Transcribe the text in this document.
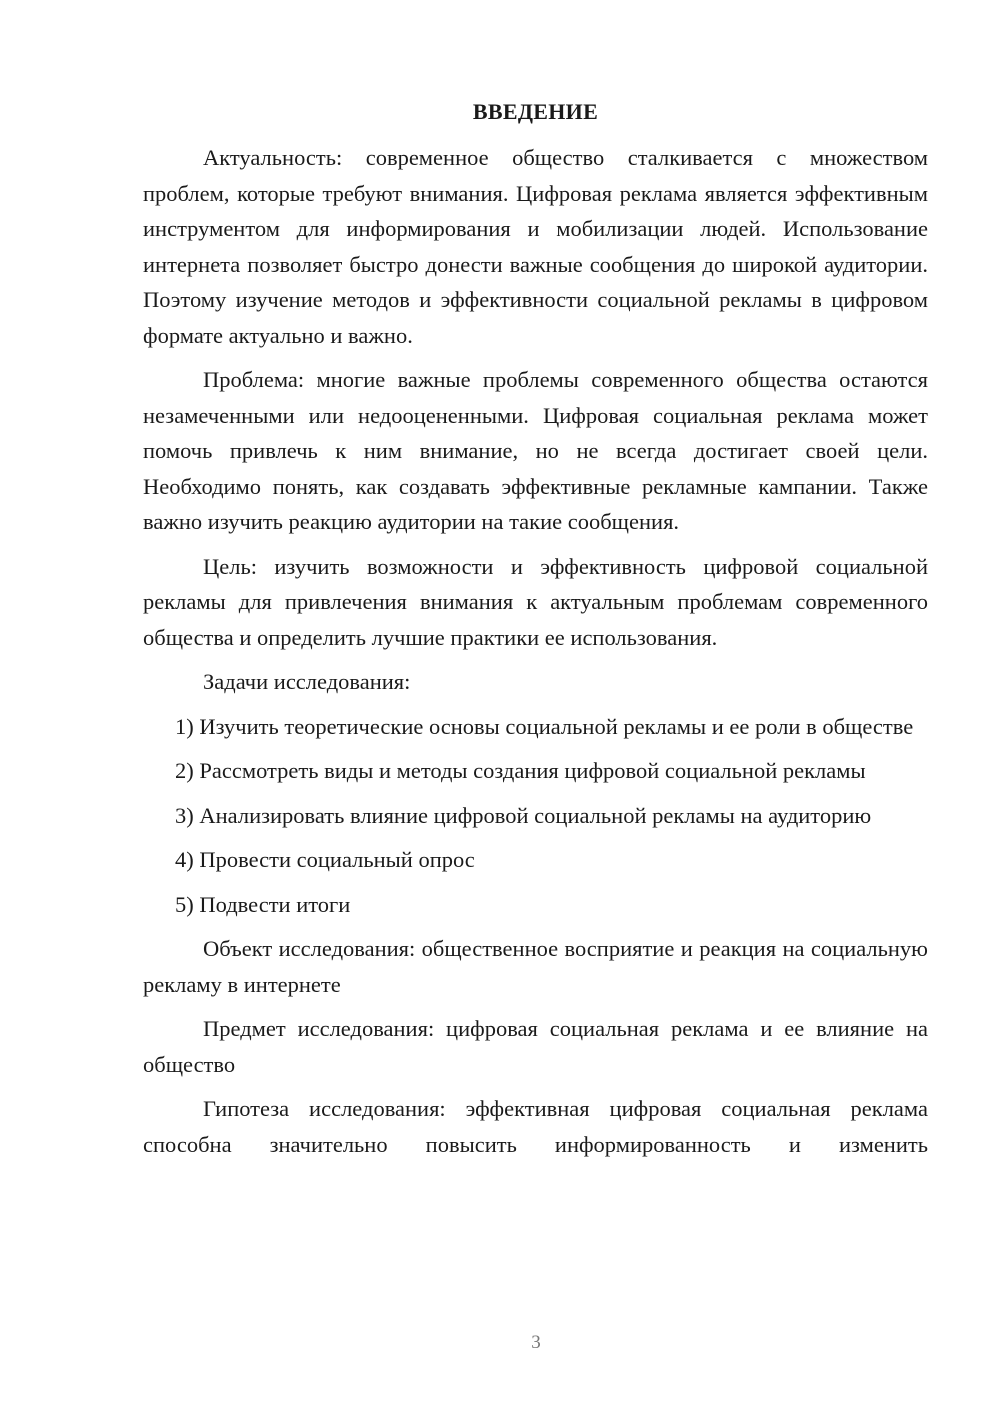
ВВЕДЕНИЕ

Актуальность: современное общество сталкивается с множеством проблем, которые требуют внимания. Цифровая реклама является эффективным инструментом для информирования и мобилизации людей. Использование интернета позволяет быстро донести важные сообщения до широкой аудитории. Поэтому изучение методов и эффективности социальной рекламы в цифровом формате актуально и важно.

Проблема: многие важные проблемы современного общества остаются незамеченными или недооцененными. Цифровая социальная реклама может помочь привлечь к ним внимание, но не всегда достигает своей цели. Необходимо понять, как создавать эффективные рекламные кампании. Также важно изучить реакцию аудитории на такие сообщения.

Цель: изучить возможности и эффективность цифровой социальной рекламы для привлечения внимания к актуальным проблемам современного общества и определить лучшие практики ее использования.

Задачи исследования:

1) Изучить теоретические основы социальной рекламы и ее роли в обществе

2) Рассмотреть виды и методы создания цифровой социальной рекламы

3) Анализировать влияние цифровой социальной рекламы на аудиторию

4) Провести социальный опрос

5) Подвести итоги

Объект исследования: общественное восприятие и реакция на социальную рекламу в интернете

Предмет исследования: цифровая социальная реклама и ее влияние на общество

Гипотеза исследования: эффективная цифровая социальная реклама способна значительно повысить информированность и изменить

3
